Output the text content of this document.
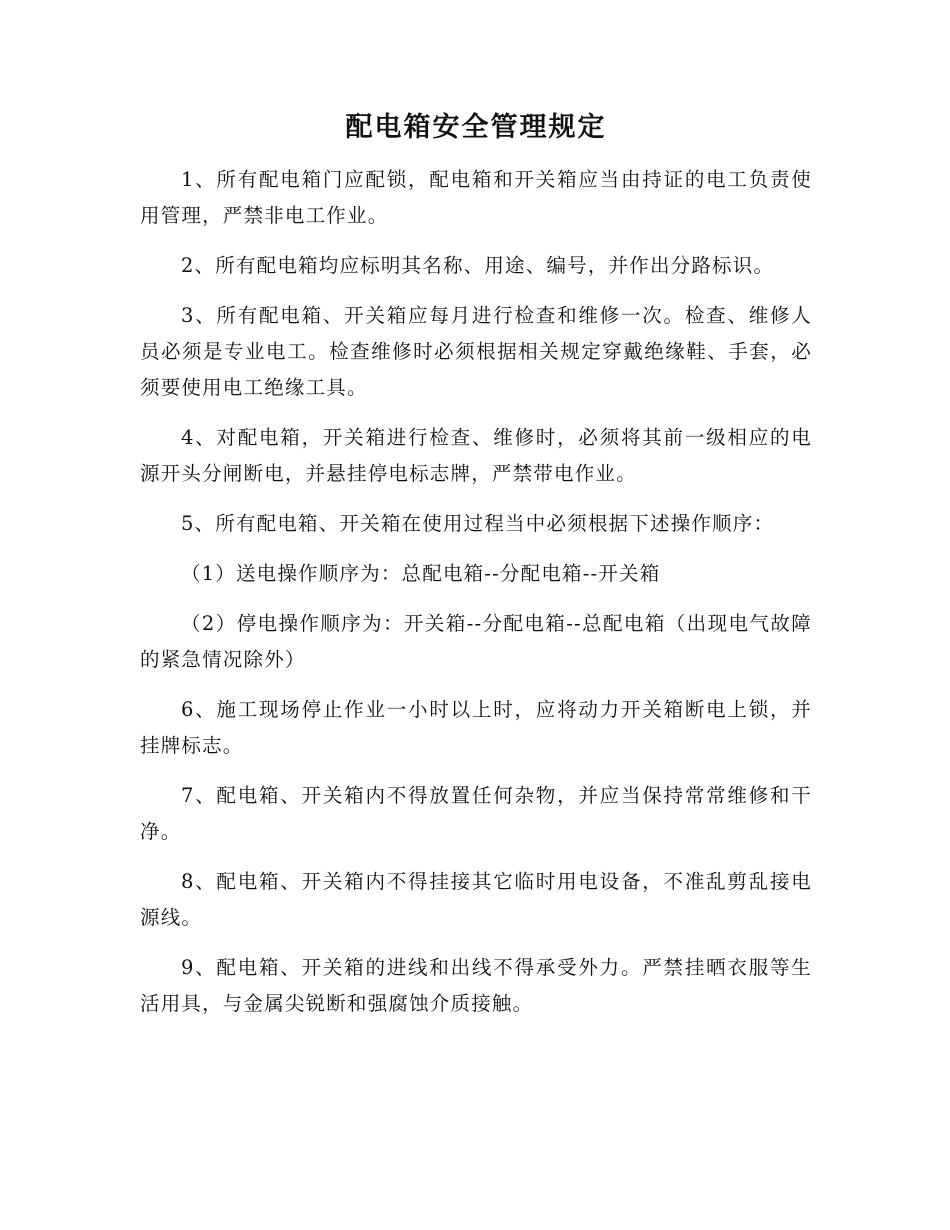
配电箱安全管理规定

1、所有配电箱门应配锁，配电箱和开关箱应当由持证的电工负责使用管理，严禁非电工作业。

2、所有配电箱均应标明其名称、用途、编号，并作出分路标识。

3、所有配电箱、开关箱应每月进行检查和维修一次。检查、维修人员必须是专业电工。检查维修时必须根据相关规定穿戴绝缘鞋、手套，必须要使用电工绝缘工具。

4、对配电箱，开关箱进行检查、维修时，必须将其前一级相应的电源开头分闸断电，并悬挂停电标志牌，严禁带电作业。

5、所有配电箱、开关箱在使用过程当中必须根据下述操作顺序：

（1）送电操作顺序为：总配电箱--分配电箱--开关箱

（2）停电操作顺序为：开关箱--分配电箱--总配电箱（出现电气故障的紧急情况除外）

6、施工现场停止作业一小时以上时，应将动力开关箱断电上锁，并挂牌标志。

7、配电箱、开关箱内不得放置任何杂物，并应当保持常常维修和干净。

8、配电箱、开关箱内不得挂接其它临时用电设备，不准乱剪乱接电源线。

9、配电箱、开关箱的进线和出线不得承受外力。严禁挂晒衣服等生活用具，与金属尖锐断和强腐蚀介质接触。
